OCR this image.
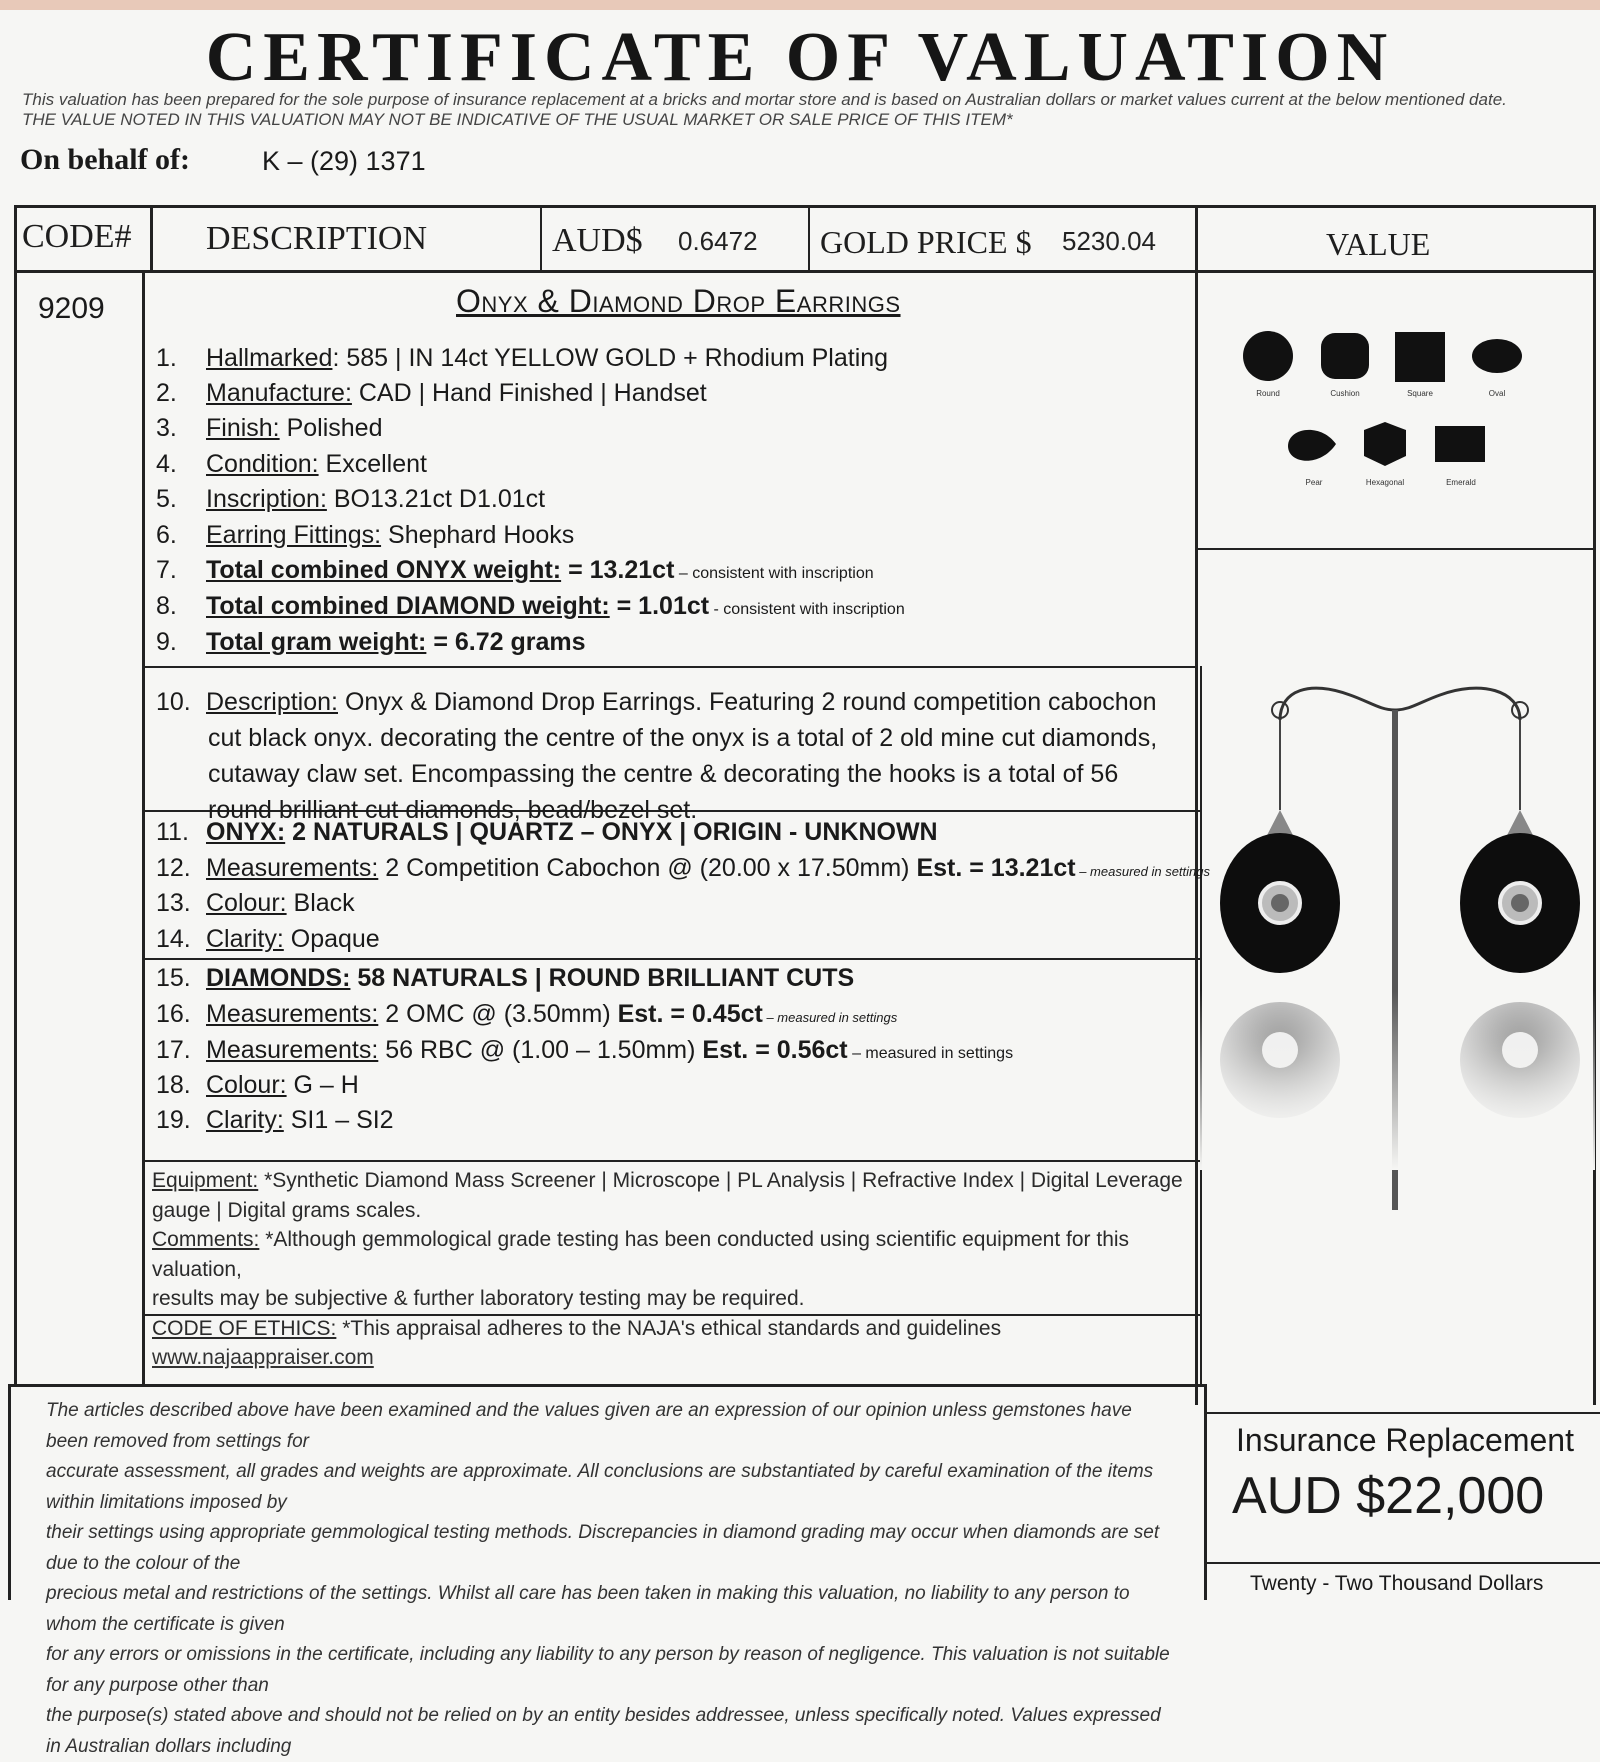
CERTIFICATE OF VALUATION
This valuation has been prepared for the sole purpose of insurance replacement at a bricks and mortar store and is based on Australian dollars or market values current at the below mentioned date.
THE VALUE NOTED IN THIS VALUATION MAY NOT BE INDICATIVE OF THE USUAL MARKET OR SALE PRICE OF THIS ITEM*
On behalf of:	K – (29) 1371
CODE# DESCRIPTION	AUD$ 0.6472 GOLD PRICE $ 5230.04	VALUE
9209	Onyx & Diamond Drop Earrings
1. Hallmarked: 585 | IN 14ct YELLOW GOLD + Rhodium Plating
2. Manufacture: CAD | Hand Finished | Handset
3. Finish: Polished
4. Condition: Excellent
5. Inscription: BO13.21ct D1.01ct
6. Earring Fittings: Shephard Hooks
7. Total combined ONYX weight: = 13.21ct – consistent with inscription
8. Total combined DIAMOND weight: = 1.01ct - consistent with inscription
9. Total gram weight: = 6.72 grams
10. Description: Onyx & Diamond Drop Earrings. Featuring 2 round competition cabochon
cut black onyx. decorating the centre of the onyx is a total of 2 old mine cut diamonds,
cutaway claw set. Encompassing the centre & decorating the hooks is a total of 56
round brilliant cut diamonds, bead/bezel set.
11. ONYX: 2 NATURALS | QUARTZ – ONYX | ORIGIN - UNKNOWN
12. Measurements: 2 Competition Cabochon @ (20.00 x 17.50mm) Est. = 13.21ct – measured in settings
13. Colour: Black
14. Clarity: Opaque
15. DIAMONDS: 58 NATURALS | ROUND BRILLIANT CUTS
16. Measurements: 2 OMC @ (3.50mm) Est. = 0.45ct – measured in settings
17. Measurements: 56 RBC @ (1.00 – 1.50mm) Est. = 0.56ct – measured in settings
18. Colour: G – H
19. Clarity: SI1 – SI2
Equipment: *Synthetic Diamond Mass Screener | Microscope | PL Analysis | Refractive Index | Digital Leverage
gauge | Digital grams scales.
Comments: *Although gemmological grade testing has been conducted using scientific equipment for this valuation,
results may be subjective & further laboratory testing may be required.
CODE OF ETHICS: *This appraisal adheres to the NAJA's ethical standards and guidelines www.najaappraiser.com
Round	Cushion	Square	Oval
Pear	Hexagonal	Emerald
The articles described above have been examined and the values given are an expression of our opinion unless gemstones have been removed from settings for
accurate assessment, all grades and weights are approximate. All conclusions are substantiated by careful examination of the items within limitations imposed by
their settings using appropriate gemmological testing methods. Discrepancies in diamond grading may occur when diamonds are set due to the colour of the
precious metal and restrictions of the settings. Whilst all care has been taken in making this valuation, no liability to any person to whom the certificate is given
for any errors or omissions in the certificate, including any liability to any person by reason of negligence. This valuation is not suitable for any purpose other than
the purpose(s) stated above and should not be relied on by an entity besides addressee, unless specifically noted. Values expressed in Australian dollars including
Insurance Replacement
AUD $22,000
Twenty - Two Thousand Dollars
